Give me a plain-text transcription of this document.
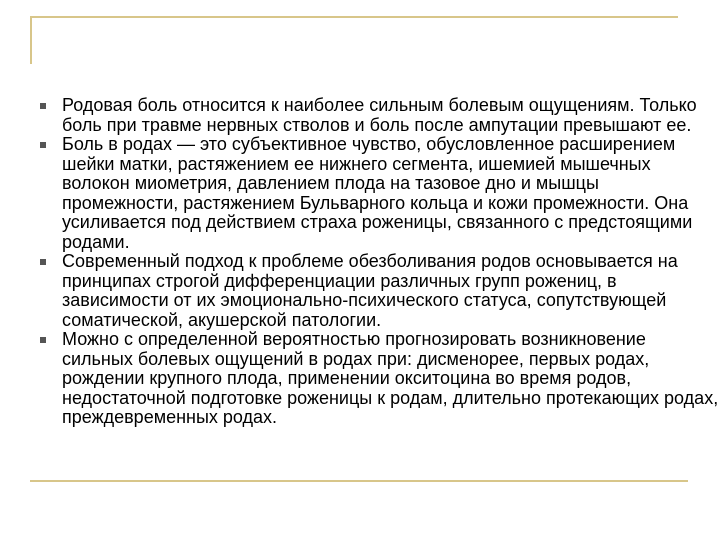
Родовая боль относится к наиболее сильным болевым ощущениям. Только боль при травме нервных стволов и боль после ампутации превышают ее.
Боль в родах — это субъективное чувство, обусловленное расширением шейки матки, растяжением ее нижнего сегмента, ишемией мышечных волокон миометрия, давлением плода на тазовое дно и мышцы промежности, растяжением Бульварного кольца и кожи промежности. Она усиливается под действием страха роженицы, связанного с предстоящими родами.
Современный подход к проблеме обезболивания родов основывается на принципах строгой дифференциации различных групп рожениц, в зависимости от их эмоционально-психического статуса, сопутствующей соматической, акушерской патологии.
Можно с определенной вероятностью прогнозировать возникновение сильных болевых ощущений в родах при: дисменорее, первых родах, рождении крупного плода, применении окситоцина во время родов, недостаточной подготовке роженицы к родам, длительно протекающих родах, преждевременных родах.
